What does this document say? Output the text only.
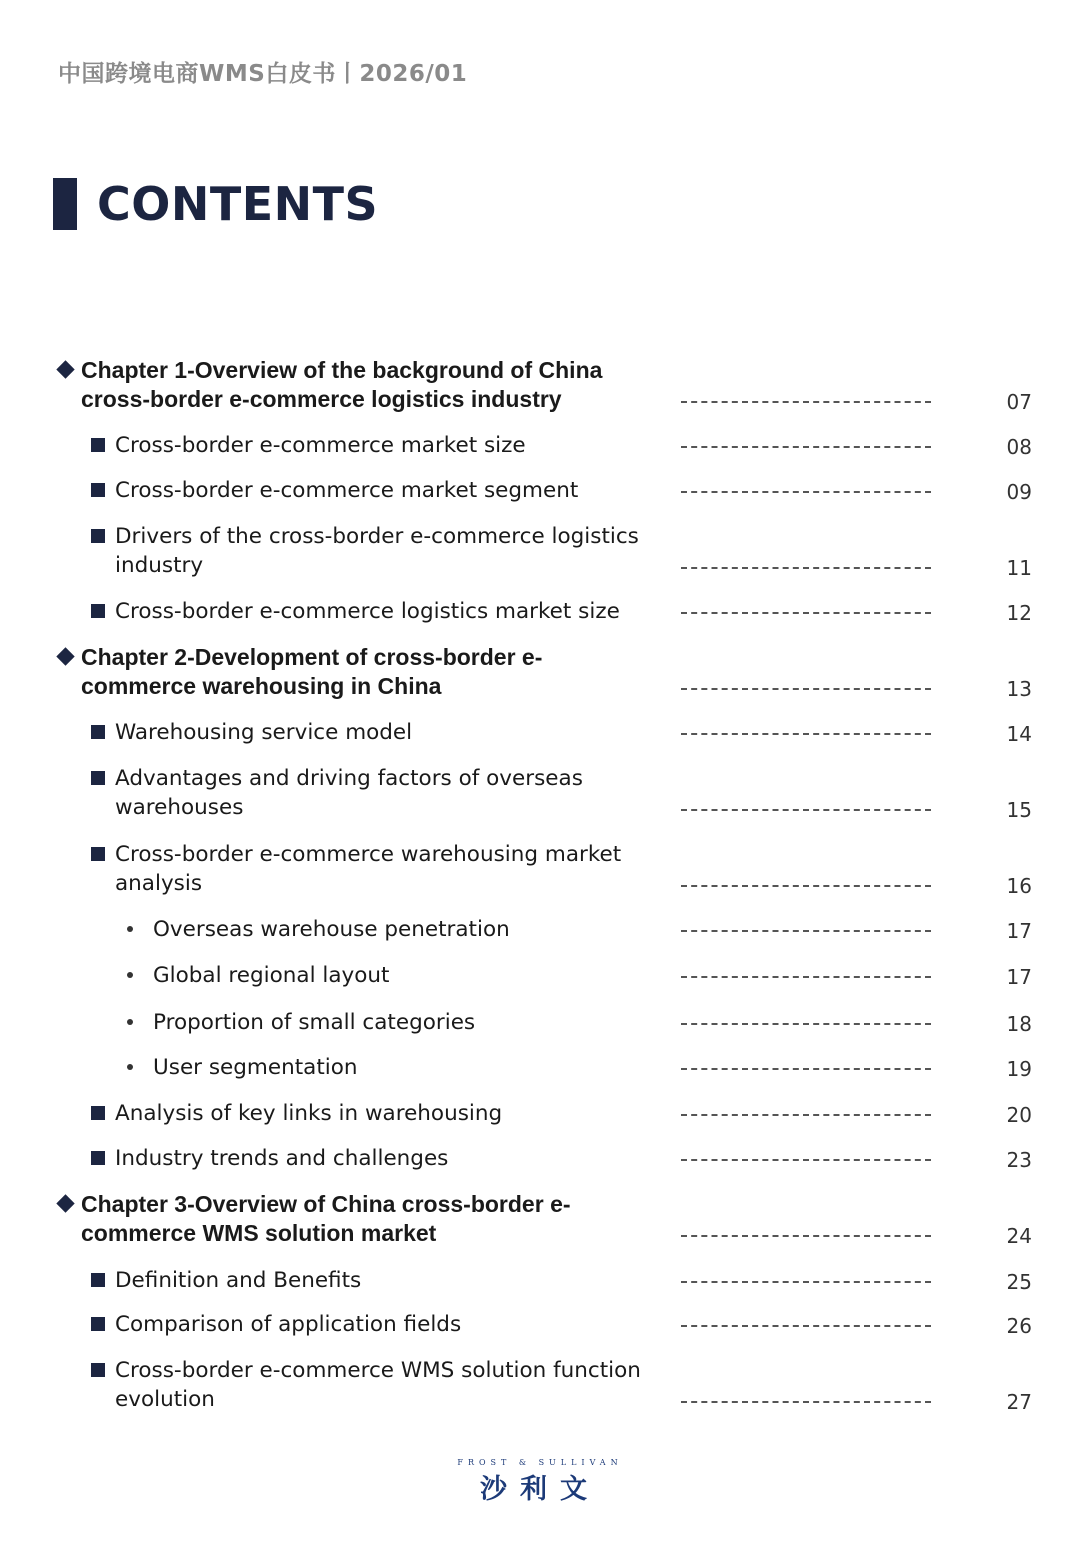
中国跨境电商WMS白皮书丨2026/01
CONTENTS
Chapter 1-Overview of the background of China cross-border e-commerce logistics industry	07
Cross-border e-commerce market size	08
Cross-border e-commerce market segment	09
Drivers of the cross-border e-commerce logistics industry	11
Cross-border e-commerce logistics market size	12
Chapter 2-Development of cross-border e-commerce warehousing in China	13
Warehousing service model	14
Advantages and driving factors of overseas warehouses	15
Cross-border e-commerce warehousing market analysis	16
Overseas warehouse penetration	17
Global regional layout	17
Proportion of small categories	18
User segmentation	19
Analysis of key links in warehousing	20
Industry trends and challenges	23
Chapter 3-Overview of China cross-border e-commerce WMS solution market	24
Definition and Benefits	25
Comparison of application fields	26
Cross-border e-commerce WMS solution function evolution	27
FROST & SULLIVAN
沙利文
